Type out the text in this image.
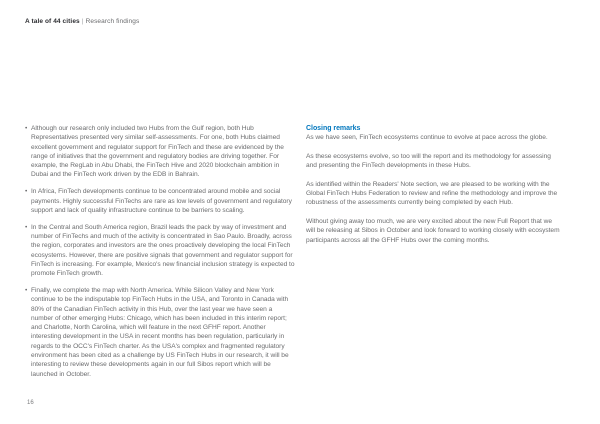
A tale of 44 cities | Research findings
• Although our research only included two Hubs from the Gulf region, both Hub Representatives presented very similar self-assessments. For one, both Hubs claimed excellent government and regulator support for FinTech and these are evidenced by the range of initiatives that the government and regulatory bodies are driving together. For example, the RegLab in Abu Dhabi, the FinTech Hive and 2020 blockchain ambition in Dubai and the FinTech work driven by the EDB in Bahrain.
• In Africa, FinTech developments continue to be concentrated around mobile and social payments. Highly successful FinTechs are rare as low levels of government and regulatory support and lack of quality infrastructure continue to be barriers to scaling.
• In the Central and South America region, Brazil leads the pack by way of investment and number of FinTechs and much of the activity is concentrated in Sao Paulo. Broadly, across the region, corporates and investors are the ones proactively developing the local FinTech ecosystems. However, there are positive signals that government and regulator support for FinTech is increasing. For example, Mexico's new financial inclusion strategy is expected to promote FinTech growth.
• Finally, we complete the map with North America. While Silicon Valley and New York continue to be the indisputable top FinTech Hubs in the USA, and Toronto in Canada with 80% of the Canadian FinTech activity in this Hub, over the last year we have seen a number of other emerging Hubs: Chicago, which has been included in this interim report; and Charlotte, North Carolina, which will feature in the next GFHF report. Another interesting development in the USA in recent months has been regulation, particularly in regards to the OCC's FinTech charter. As the USA's complex and fragmented regulatory environment has been cited as a challenge by US FinTech Hubs in our research, it will be interesting to review these developments again in our full Sibos report which will be launched in October.
Closing remarks

As we have seen, FinTech ecosystems continue to evolve at pace across the globe.

As these ecosystems evolve, so too will the report and its methodology for assessing and presenting the FinTech developments in these Hubs.

As identified within the Readers' Note section, we are pleased to be working with the Global FinTech Hubs Federation to review and refine the methodology and improve the robustness of the assessments currently being completed by each Hub.

Without giving away too much, we are very excited about the new Full Report that we will be releasing at Sibos in October and look forward to working closely with ecosystem participants across all the GFHF Hubs over the coming months.

16
